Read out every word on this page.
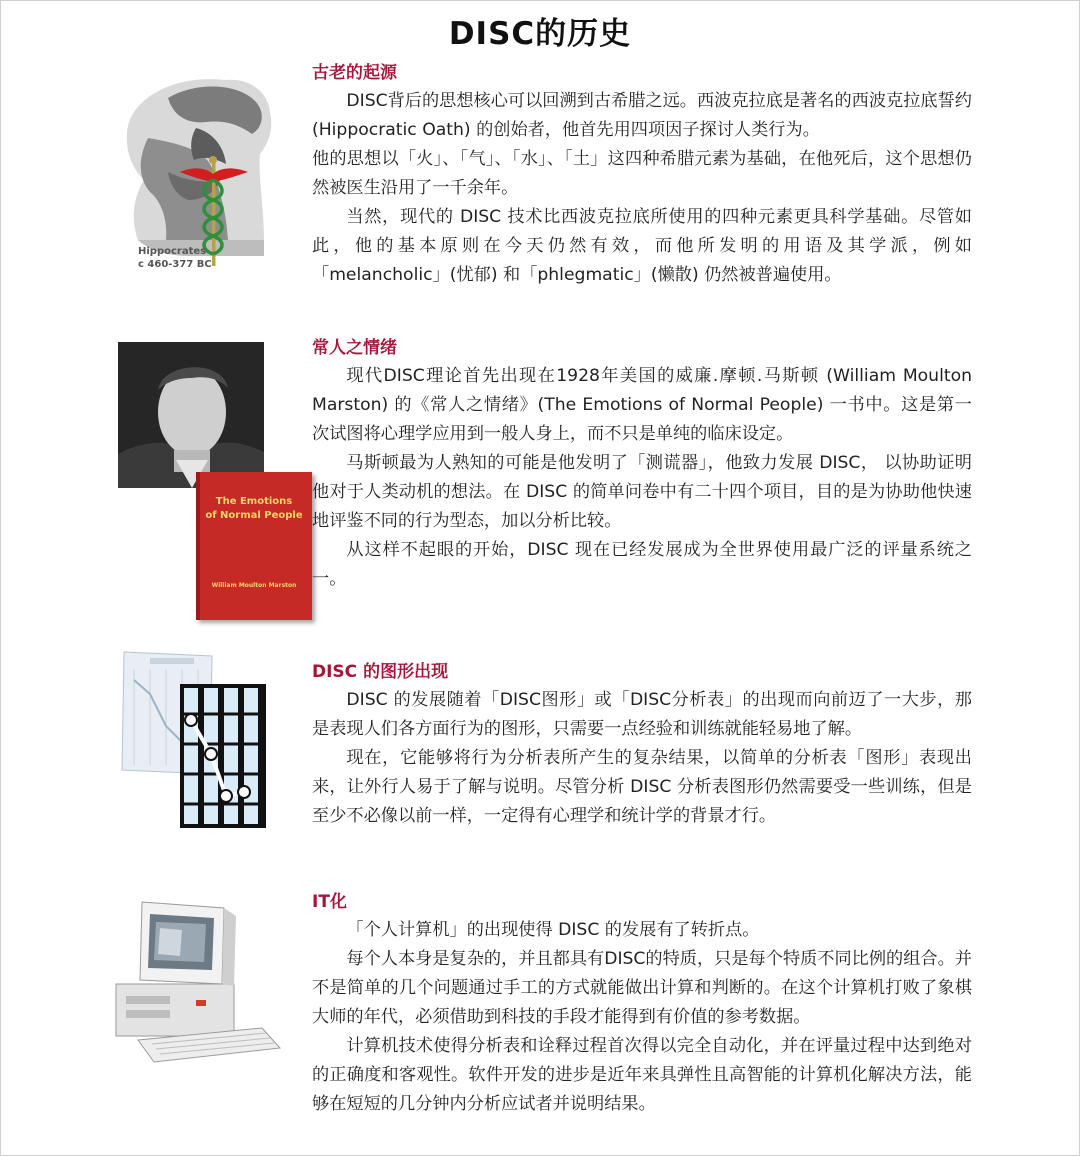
DISC的历史
Hippocrates
c 460-377 BC
The Emotions
of Normal People
William Moulton Marston
古老的起源

DISC背后的思想核心可以回溯到古希腊之远。西波克拉底是著名的西波克拉底誓约(Hippocratic Oath) 的创始者，他首先用四项因子探讨人类行为。

他的思想以「火」、「气」、「水」、「土」这四种希腊元素为基础，在他死后，这个思想仍然被医生沿用了一千余年。

当然，现代的 DISC 技术比西波克拉底所使用的四种元素更具科学基础。尽管如此，他的基本原则在今天仍然有效，而他所发明的用语及其学派，例如「melancholic」(忧郁) 和「phlegmatic」(懒散) 仍然被普遍使用。

常人之情绪

现代DISC理论首先出现在1928年美国的威廉.摩顿.马斯顿 (William Moulton Marston) 的《常人之情绪》(The Emotions of Normal People) 一书中。这是第一次试图将心理学应用到一般人身上，而不只是单纯的临床设定。

马斯顿最为人熟知的可能是他发明了「测谎器」，他致力发展 DISC， 以协助证明他对于人类动机的想法。在 DISC 的简单问卷中有二十四个项目，目的是为协助他快速地评鉴不同的行为型态，加以分析比较。

从这样不起眼的开始，DISC 现在已经发展成为全世界使用最广泛的评量系统之一。

DISC 的图形出现

DISC 的发展随着「DISC图形」或「DISC分析表」的出现而向前迈了一大步，那是表现人们各方面行为的图形，只需要一点经验和训练就能轻易地了解。

现在，它能够将行为分析表所产生的复杂结果，以简单的分析表「图形」表现出来，让外行人易于了解与说明。尽管分析 DISC 分析表图形仍然需要受一些训练，但是至少不必像以前一样，一定得有心理学和统计学的背景才行。

IT化

「个人计算机」的出现使得 DISC 的发展有了转折点。

每个人本身是复杂的，并且都具有DISC的特质，只是每个特质不同比例的组合。并不是简单的几个问题通过手工的方式就能做出计算和判断的。在这个计算机打败了象棋大师的年代，必须借助到科技的手段才能得到有价值的参考数据。

计算机技术使得分析表和诠释过程首次得以完全自动化，并在评量过程中达到绝对的正确度和客观性。软件开发的进步是近年来具弹性且高智能的计算机化解决方法，能够在短短的几分钟内分析应试者并说明结果。
